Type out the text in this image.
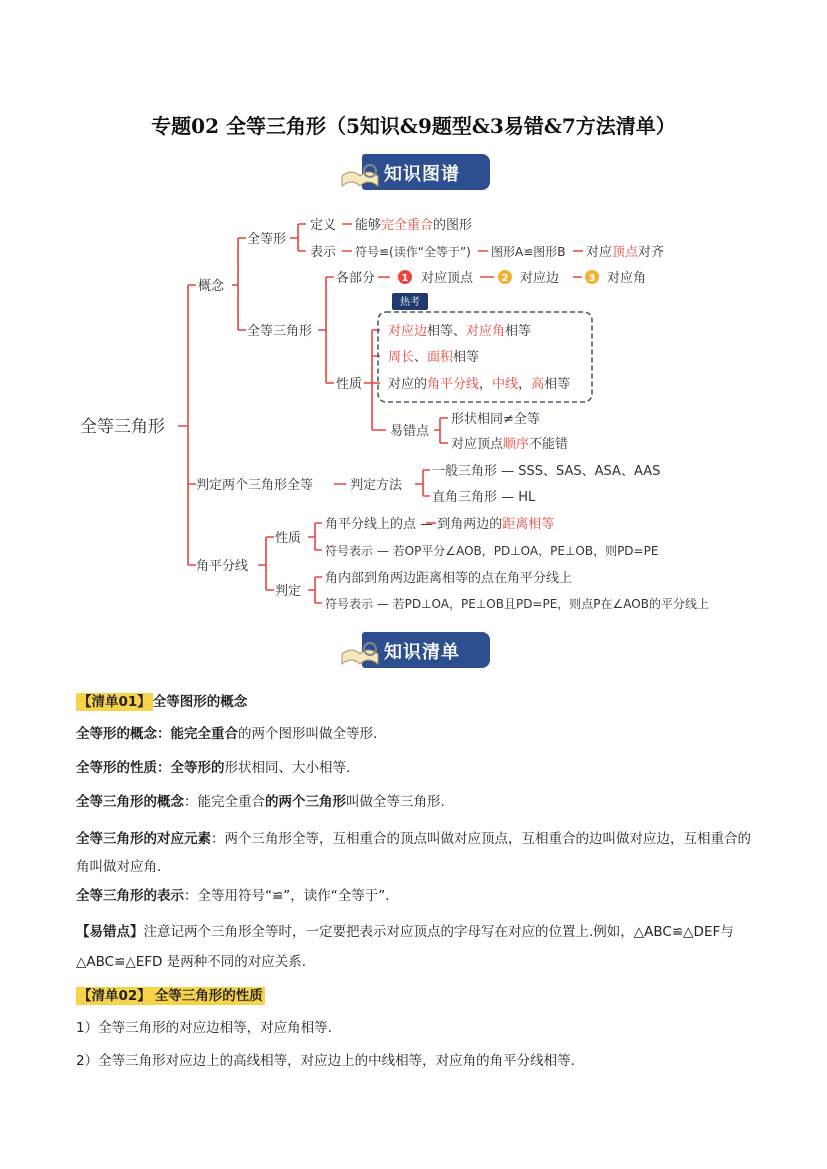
专题02 全等三角形（5知识&9题型&3易错&7方法清单）
知识图谱
热考
1	2	3
全等三角形
概念
全等形
定义 能够完全重合的图形
表示 符号≌(读作“全等于”) 图形A≌图形B 对应顶点对齐
全等三角形
各部分	对应顶点	对应边	对应角
性质
对应边相等、对应角相等
周长、面积相等
对应的角平分线，中线，高相等
易错点
形状相同≠全等
对应顶点顺序不能错
判定两个三角形全等	判定方法
一般三角形 — SSS、SAS、ASA、AAS
直角三角形 — HL
角平分线
性质
角平分线上的点 — 到角两边的距离相等
符号表示 — 若OP平分∠AOB，PD⊥OA，PE⊥OB，则PD=PE
判定
角内部到角两边距离相等的点在角平分线上
符号表示 — 若PD⊥OA，PE⊥OB且PD=PE，则点P在∠AOB的平分线上
知识清单

【清单01】 全等图形的概念

全等形的概念：能完全重合的两个图形叫做全等形.

全等形的性质：全等形的形状相同、大小相等.

全等三角形的概念：能完全重合的两个三角形叫做全等三角形.

全等三角形的对应元素：两个三角形全等，互相重合的顶点叫做对应顶点，互相重合的边叫做对应边，互相重合的角叫做对应角.

全等三角形的表示：全等用符号“≌”，读作“全等于”.

【易错点】注意记两个三角形全等时，一定要把表示对应顶点的字母写在对应的位置上.例如，△ABC≌△DEF与△ABC≌△EFD 是两种不同的对应关系.

【清单02】 全等三角形的性质

1）全等三角形的对应边相等，对应角相等.

2）全等三角形对应边上的高线相等，对应边上的中线相等，对应角的角平分线相等.
